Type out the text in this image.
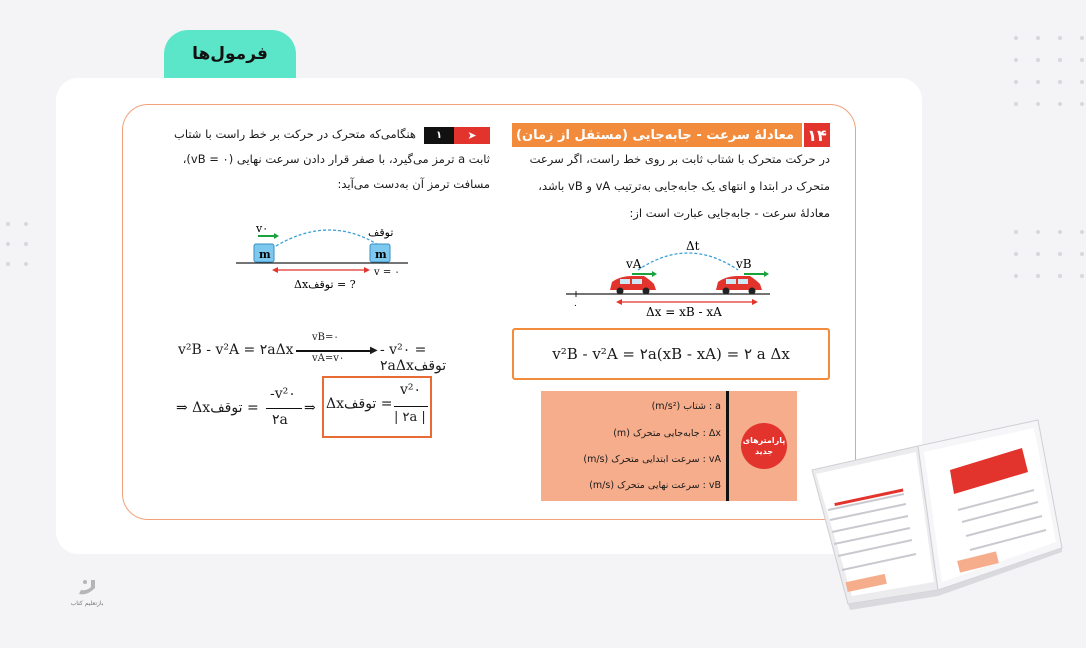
فرمول‌ها
۱۴
معادلهٔ سرعت - جابه‌جایی (مستقل از زمان)
در حرکت متحرک با شتاب ثابت بر روی خط راست، اگر سرعت
متحرک در ابتدا و انتهای یک جابه‌جایی به‌ترتیب vA و vB باشد،
معادلهٔ سرعت - جابه‌جایی عبارت است از:
Δt
vA	vB
۰	Δx = xB - xA
v²B - v²A = ۲a(xB - xA) = ۲ a Δx
پارامترهای جدید
a : شتاب (m/s²)
Δx : جابه‌جایی متحرک (m)
vA : سرعت ابتدایی متحرک (m/s)
vB : سرعت نهایی متحرک (m/s)
➤
۱
هنگامی‌که متحرک در حرکت بر خط راست با شتاب
ثابت a ترمز می‌گیرد، با صفر قرار دادن سرعت نهایی (vB = ۰)،
مسافت ترمز آن به‌دست می‌آید:
v۰	توقف
m	m
v = ۰
Δxتوقف = ?
v²B - v²A = ۲aΔx
vB=۰
▶
vA=v۰
- v²۰ = ۲aΔxتوقف
⇒ Δxتوقف =
-v²۰
۲a
⇒ Δxتوقف =
v²۰
| ۲a |
بازتعلیم کتاب
